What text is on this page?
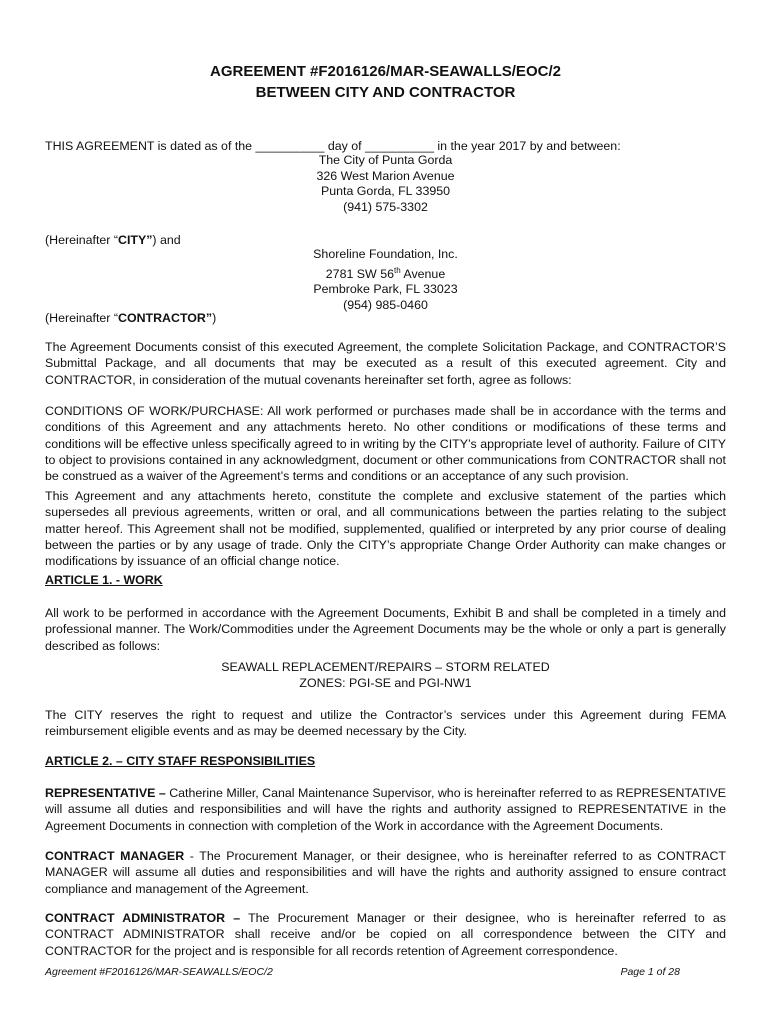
AGREEMENT #F2016126/MAR-SEAWALLS/EOC/2
BETWEEN CITY AND CONTRACTOR
THIS AGREEMENT is dated as of the __________ day of __________ in the year 2017 by and between:
The City of Punta Gorda
326 West Marion Avenue
Punta Gorda, FL 33950
(941) 575-3302
(Hereinafter “CITY”) and
Shoreline Foundation, Inc.
2781 SW 56th Avenue
Pembroke Park, FL 33023
(954) 985-0460
(Hereinafter “CONTRACTOR”)
The Agreement Documents consist of this executed Agreement, the complete Solicitation Package, and CONTRACTOR’S Submittal Package, and all documents that may be executed as a result of this executed agreement. City and CONTRACTOR, in consideration of the mutual covenants hereinafter set forth, agree as follows:
CONDITIONS OF WORK/PURCHASE: All work performed or purchases made shall be in accordance with the terms and conditions of this Agreement and any attachments hereto. No other conditions or modifications of these terms and conditions will be effective unless specifically agreed to in writing by the CITY’s appropriate level of authority. Failure of CITY to object to provisions contained in any acknowledgment, document or other communications from CONTRACTOR shall not be construed as a waiver of the Agreement’s terms and conditions or an acceptance of any such provision.
This Agreement and any attachments hereto, constitute the complete and exclusive statement of the parties which supersedes all previous agreements, written or oral, and all communications between the parties relating to the subject matter hereof. This Agreement shall not be modified, supplemented, qualified or interpreted by any prior course of dealing between the parties or by any usage of trade. Only the CITY’s appropriate Change Order Authority can make changes or modifications by issuance of an official change notice.
ARTICLE 1. - WORK
All work to be performed in accordance with the Agreement Documents, Exhibit B and shall be completed in a timely and professional manner. The Work/Commodities under the Agreement Documents may be the whole or only a part is generally described as follows:
SEAWALL REPLACEMENT/REPAIRS – STORM RELATED
ZONES: PGI-SE and PGI-NW1
The CITY reserves the right to request and utilize the Contractor’s services under this Agreement during FEMA reimbursement eligible events and as may be deemed necessary by the City.
ARTICLE 2. – CITY STAFF RESPONSIBILITIES
REPRESENTATIVE – Catherine Miller, Canal Maintenance Supervisor, who is hereinafter referred to as REPRESENTATIVE will assume all duties and responsibilities and will have the rights and authority assigned to REPRESENTATIVE in the Agreement Documents in connection with completion of the Work in accordance with the Agreement Documents.
CONTRACT MANAGER - The Procurement Manager, or their designee, who is hereinafter referred to as CONTRACT MANAGER will assume all duties and responsibilities and will have the rights and authority assigned to ensure contract compliance and management of the Agreement.
CONTRACT ADMINISTRATOR – The Procurement Manager or their designee, who is hereinafter referred to as CONTRACT ADMINISTRATOR shall receive and/or be copied on all correspondence between the CITY and CONTRACTOR for the project and is responsible for all records retention of Agreement correspondence.
Agreement #F2016126/MAR-SEAWALLS/EOC/2	Page 1 of 28
